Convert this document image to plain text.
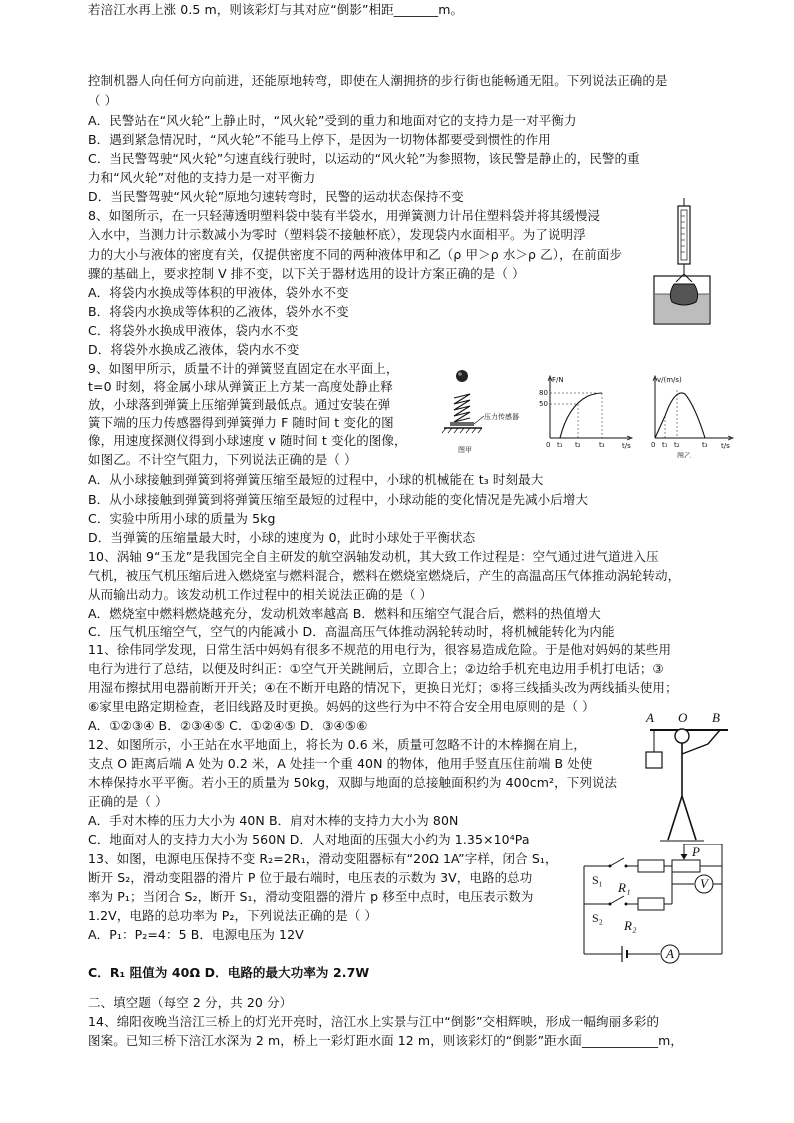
控制机器人向任何方向前进，还能原地转弯，即使在人潮拥挤的步行街也能畅通无阻。下列说法正确的是
（ ）
A．民警站在“风火轮”上静止时，“风火轮”受到的重力和地面对它的支持力是一对平衡力
B．遇到紧急情况时，“风火轮”不能马上停下，是因为一切物体都要受到惯性的作用
C．当民警驾驶“风火轮”匀速直线行驶时，以运动的“风火轮”为参照物，该民警是静止的，民警的重
力和“风火轮”对他的支持力是一对平衡力
D．当民警驾驶“风火轮”原地匀速转弯时，民警的运动状态保持不变
8、如图所示，在一只轻薄透明塑料袋中装有半袋水，用弹簧测力计吊住塑料袋并将其缓慢浸
入水中，当测力计示数减小为零时（塑料袋不接触杯底），发现袋内水面相平。为了说明浮
力的大小与液体的密度有关，仅提供密度不同的两种液体甲和乙（ρ 甲＞ρ 水＞ρ 乙），在前面步
骤的基础上，要求控制 V 排不变，以下关于器材选用的设计方案正确的是（ ）
A．将袋内水换成等体积的甲液体，袋外水不变
B．将袋内水换成等体积的乙液体，袋外水不变
C．将袋外水换成甲液体，袋内水不变
D．将袋外水换成乙液体，袋内水不变
9、如图甲所示，质量不计的弹簧竖直固定在水平面上，
t=0 时刻，将金属小球从弹簧正上方某一高度处静止释
放，小球落到弹簧上压缩弹簧到最低点。通过安装在弹
簧下端的压力传感器得到弹簧弹力 F 随时间 t 变化的图
像，用速度探测仪得到小球速度 v 随时间 t 变化的图像，
如图乙。不计空气阻力，下列说法正确的是（ ）
A．从小球接触到弹簧到将弹簧压缩至最短的过程中，小球的机械能在 t₃ 时刻最大
B．从小球接触到弹簧到将弹簧压缩至最短的过程中，小球动能的变化情况是先减小后增大
C．实验中所用小球的质量为 5kg
D．当弹簧的压缩量最大时，小球的速度为 0，此时小球处于平衡状态
10、涡轴 9“玉龙”是我国完全自主研发的航空涡轴发动机，其大致工作过程是：空气通过进气道进入压
气机，被压气机压缩后进入燃烧室与燃料混合，燃料在燃烧室燃烧后，产生的高温高压气体推动涡轮转动，
从而输出动力。该发动机工作过程中的相关说法正确的是（ ）
A．燃烧室中燃料燃烧越充分，发动机效率越高 B．燃料和压缩空气混合后，燃料的热值增大
C．压气机压缩空气，空气的内能减小 D．高温高压气体推动涡轮转动时，将机械能转化为内能
11、徐伟同学发现，日常生活中妈妈有很多不规范的用电行为，很容易造成危险。于是他对妈妈的某些用
电行为进行了总结，以便及时纠正：①空气开关跳闸后，立即合上；②边给手机充电边用手机打电话；③
用湿布擦拭用电器前断开开关；④在不断开电路的情况下，更换日光灯；⑤将三线插头改为两线插头使用；
⑥家里电路定期检查，老旧线路及时更换。妈妈的这些行为中不符合安全用电原则的是（ ）
A．①②③④ B．②③④⑤ C．①②④⑤ D．③④⑤⑥
12、如图所示，小王站在水平地面上，将长为 0.6 米，质量可忽略不计的木棒搁在肩上，
支点 O 距离后端 A 处为 0.2 米，A 处挂一个重 40N 的物体，他用手竖直压住前端 B 处使
木棒保持水平平衡。若小王的质量为 50kg，双脚与地面的总接触面积约为 400cm²，下列说法
正确的是（ ）
A．手对木棒的压力大小为 40N B．肩对木棒的支持力大小为 80N
C．地面对人的支持力大小为 560N D．人对地面的压强大小约为 1.35×10⁴Pa
13、如图，电源电压保持不变 R₂=2R₁，滑动变阻器标有“20Ω 1A”字样，闭合 S₁，
断开 S₂，滑动变阻器的滑片 P 位于最右端时，电压表的示数为 3V，电路的总功
率为 P₁；当闭合 S₂，断开 S₁，滑动变阻器的滑片 p 移至中点时，电压表示数为
1.2V，电路的总功率为 P₂，下列说法正确的是（ ）
A．P₁：P₂=4：5 B．电源电压为 12V
C．R₁ 阻值为 40Ω D．电路的最大功率为 2.7W
二、填空题（每空 2 分，共 20 分）
14、绵阳夜晚当涪江三桥上的灯光开亮时，涪江水上实景与江中“倒影”交相辉映，形成一幅绚丽多彩的
图案。已知三桥下涪江水深为 2 m，桥上一彩灯距水面 12 m，则该彩灯的“倒影”距水面____________m，
若涪江水再上涨 0.5 m，则该彩灯与其对应“倒影”相距_______m。
压力传感器
图甲
F/N
80
50
0 t₁ t₂	t₃ t/s
v/(m/s)
0 t₁ t₂	t₃ t/s
图乙
A O B
S₁ R₁
P
S₂ R₂
V
A
